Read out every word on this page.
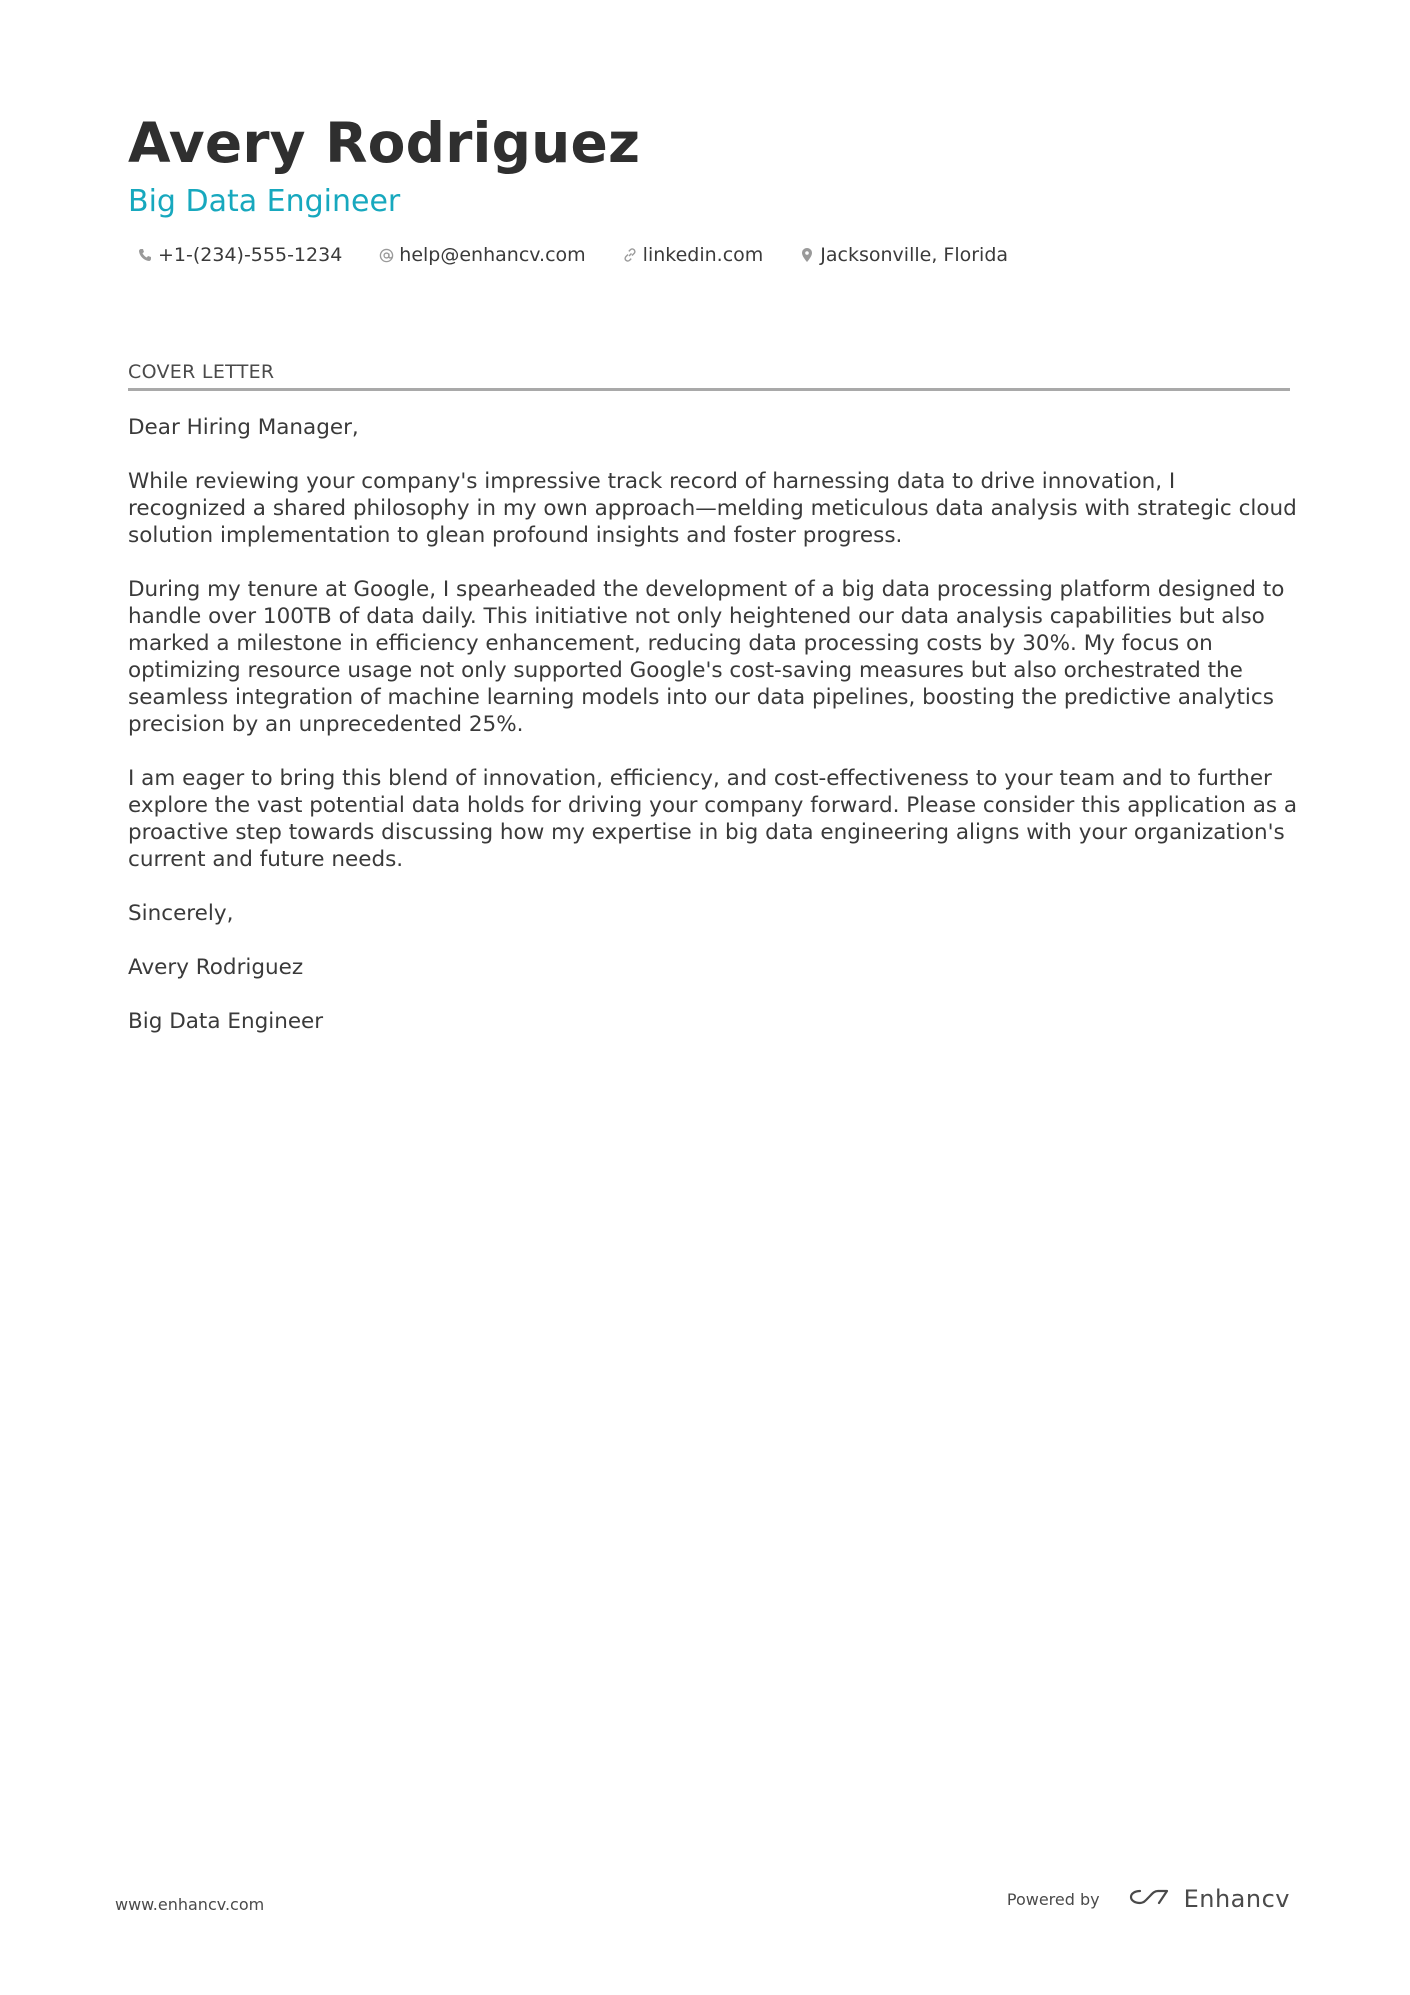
Avery Rodriguez
Big Data Engineer
+1-(234)-555-1234	help@enhancv.com	linkedin.com	Jacksonville, Florida
COVER LETTER

Dear Hiring Manager,

While reviewing your company's impressive track record of harnessing data to drive innovation, I recognized a shared philosophy in my own approach—melding meticulous data analysis with strategic cloud solution implementation to glean profound insights and foster progress.

During my tenure at Google, I spearheaded the development of a big data processing platform designed to handle over 100TB of data daily. This initiative not only heightened our data analysis capabilities but also marked a milestone in efficiency enhancement, reducing data processing costs by 30%. My focus on optimizing resource usage not only supported Google's cost-saving measures but also orchestrated the seamless integration of machine learning models into our data pipelines, boosting the predictive analytics precision by an unprecedented 25%.

I am eager to bring this blend of innovation, efficiency, and cost-effectiveness to your team and to further explore the vast potential data holds for driving your company forward. Please consider this application as a proactive step towards discussing how my expertise in big data engineering aligns with your organization's current and future needs.

Sincerely,

Avery Rodriguez

Big Data Engineer

www.enhancv.com	Powered by	Enhancv
